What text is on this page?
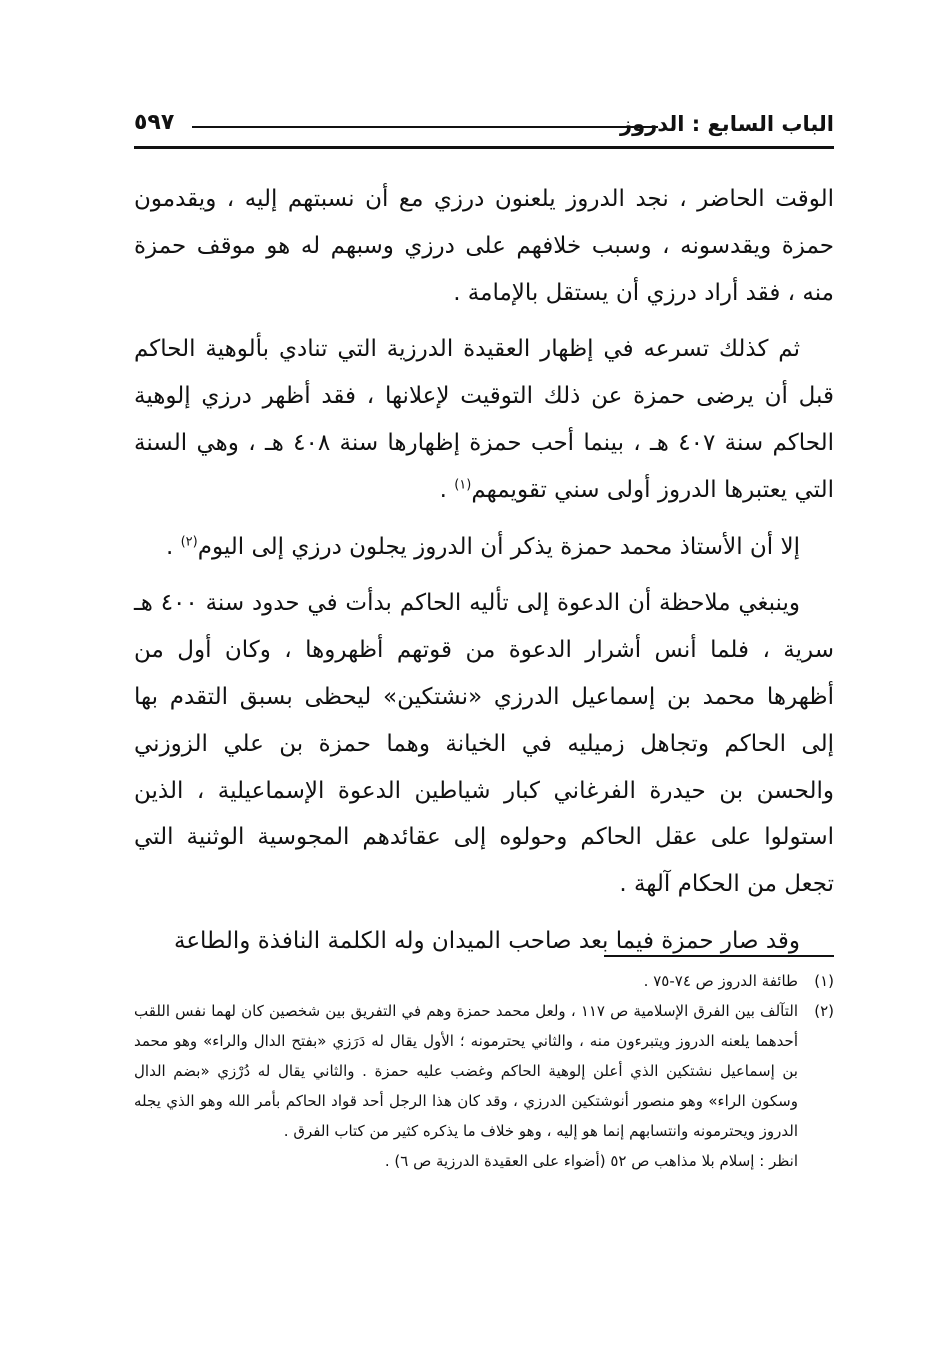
الباب السابع : الدروز
٥٩٧

الوقت الحاضر ، نجد الدروز يلعنون درزي مع أن نسبتهم إليه ، ويقدمون حمزة ويقدسونه ، وسبب خلافهم على درزي وسبهم له هو موقف حمزة منه ، فقد أراد درزي أن يستقل بالإمامة .

ثم كذلك تسرعه في إظهار العقيدة الدرزية التي تنادي بألوهية الحاكم قبل أن يرضى حمزة عن ذلك التوقيت لإعلانها ، فقد أظهر درزي إلوهية الحاكم سنة ٤٠٧ هـ ، بينما أحب حمزة إظهارها سنة ٤٠٨ هـ ، وهي السنة التي يعتبرها الدروز أولى سني تقويمهم$^{(١)}$ .

إلا أن الأستاذ محمد حمزة يذكر أن الدروز يجلون درزي إلى اليوم$^{(٢)}$ .

وينبغي ملاحظة أن الدعوة إلى تأليه الحاكم بدأت في حدود سنة ٤٠٠ هـ سرية ، فلما أنس أشرار الدعوة من قوتهم أظهروها ، وكان أول من أظهرها محمد بن إسماعيل الدرزي «نشتكين» ليحظى بسبق التقدم بها إلى الحاكم وتجاهل زميليه في الخيانة وهما حمزة بن علي الزوزني والحسن بن حيدرة الفرغاني كبار شياطين الدعوة الإسماعيلية ، الذين استولوا على عقل الحاكم وحولوه إلى عقائدهم المجوسية الوثنية التي تجعل من الحكام آلهة .

وقد صار حمزة فيما بعد صاحب الميدان وله الكلمة النافذة والطاعة

(١)
طائفة الدروز ص ٧٤-٧٥ .
(٢)
التآلف بين الفرق الإسلامية ص ١١٧ ، ولعل محمد حمزة وهم في التفريق بين شخصين كان لهما نفس اللقب أحدهما يلعنه الدروز ويتبرءون منه ، والثاني يحترمونه ؛ الأول يقال له دَرَزي «بفتح الدال والراء» وهو محمد بن إسماعيل نشتكين الذي أعلن إلوهية الحاكم وغضب عليه حمزة . والثاني يقال له دُرْزي «بضم الدال وسكون الراء» وهو منصور أنوشتكين الدرزي ، وقد كان هذا الرجل أحد قواد الحاكم بأمر الله وهو الذي يجله الدروز ويحترمونه وانتسابهم إنما هو إليه ، وهو خلاف ما يذكره كثير من كتاب الفرق .
انظر : إسلام بلا مذاهب ص ٥٢ (أضواء على العقيدة الدرزية ص ٦) .
